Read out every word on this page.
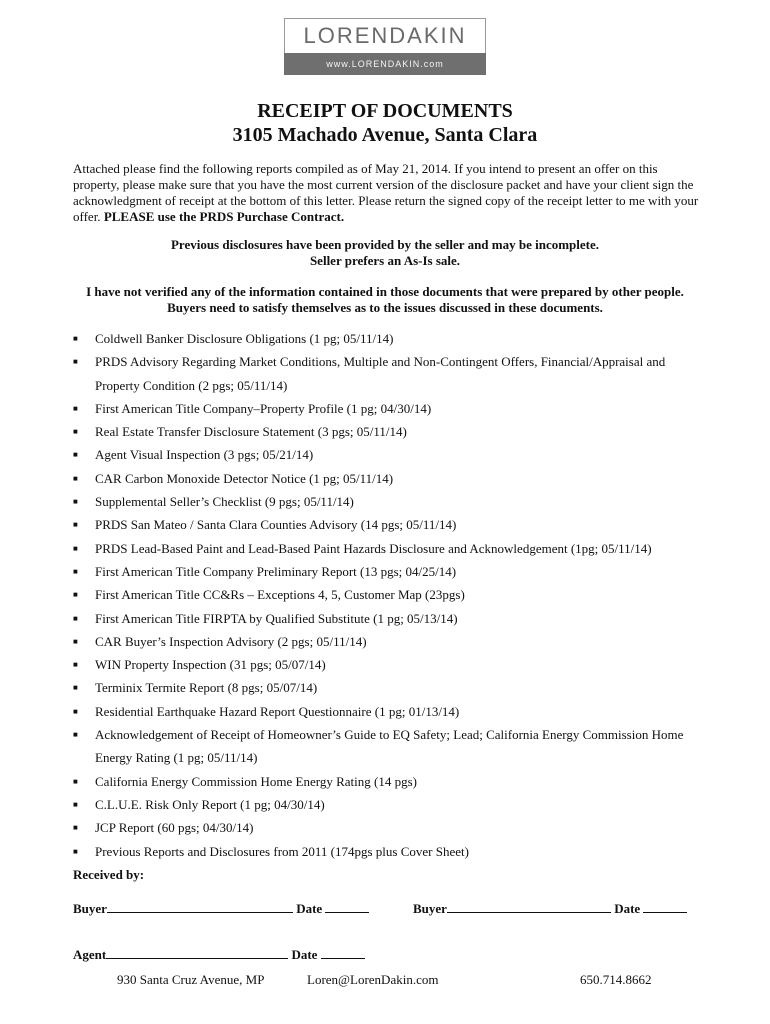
LORENDAKIN
www.LORENDAKIN.com
RECEIPT OF DOCUMENTS
3105 Machado Avenue, Santa Clara
Attached please find the following reports compiled as of May 21, 2014. If you intend to present an offer on this property, please make sure that you have the most current version of the disclosure packet and have your client sign the acknowledgment of receipt at the bottom of this letter. Please return the signed copy of the receipt letter to me with your offer. PLEASE use the PRDS Purchase Contract.
Previous disclosures have been provided by the seller and may be incomplete.
Seller prefers an As-Is sale.
I have not verified any of the information contained in those documents that were prepared by other people.
Buyers need to satisfy themselves as to the issues discussed in these documents.
■ Coldwell Banker Disclosure Obligations (1 pg; 05/11/14)
■ PRDS Advisory Regarding Market Conditions, Multiple and Non-Contingent Offers, Financial/Appraisal and Property Condition (2 pgs; 05/11/14)
■ First American Title Company–Property Profile (1 pg; 04/30/14)
■ Real Estate Transfer Disclosure Statement (3 pgs; 05/11/14)
■ Agent Visual Inspection (3 pgs; 05/21/14)
■ CAR Carbon Monoxide Detector Notice (1 pg; 05/11/14)
■ Supplemental Seller’s Checklist (9 pgs; 05/11/14)
■ PRDS San Mateo / Santa Clara Counties Advisory (14 pgs; 05/11/14)
■ PRDS Lead-Based Paint and Lead-Based Paint Hazards Disclosure and Acknowledgement (1pg; 05/11/14)
■ First American Title Company Preliminary Report (13 pgs; 04/25/14)
■ First American Title CC&Rs – Exceptions 4, 5, Customer Map (23pgs)
■ First American Title FIRPTA by Qualified Substitute (1 pg; 05/13/14)
■ CAR Buyer’s Inspection Advisory (2 pgs; 05/11/14)
■ WIN Property Inspection (31 pgs; 05/07/14)
■ Terminix Termite Report (8 pgs; 05/07/14)
■ Residential Earthquake Hazard Report Questionnaire (1 pg; 01/13/14)
■ Acknowledgement of Receipt of Homeowner’s Guide to EQ Safety; Lead; California Energy Commission Home Energy Rating (1 pg; 05/11/14)
■ California Energy Commission Home Energy Rating (14 pgs)
■ C.L.U.E. Risk Only Report (1 pg; 04/30/14)
■ JCP Report (60 pgs; 04/30/14)
■ Previous Reports and Disclosures from 2011 (174pgs plus Cover Sheet)
Received by:
Buyer	Date	Buyer	Date
Agent	Date
930 Santa Cruz Avenue, MP	Loren@LorenDakin.com	650.714.8662
